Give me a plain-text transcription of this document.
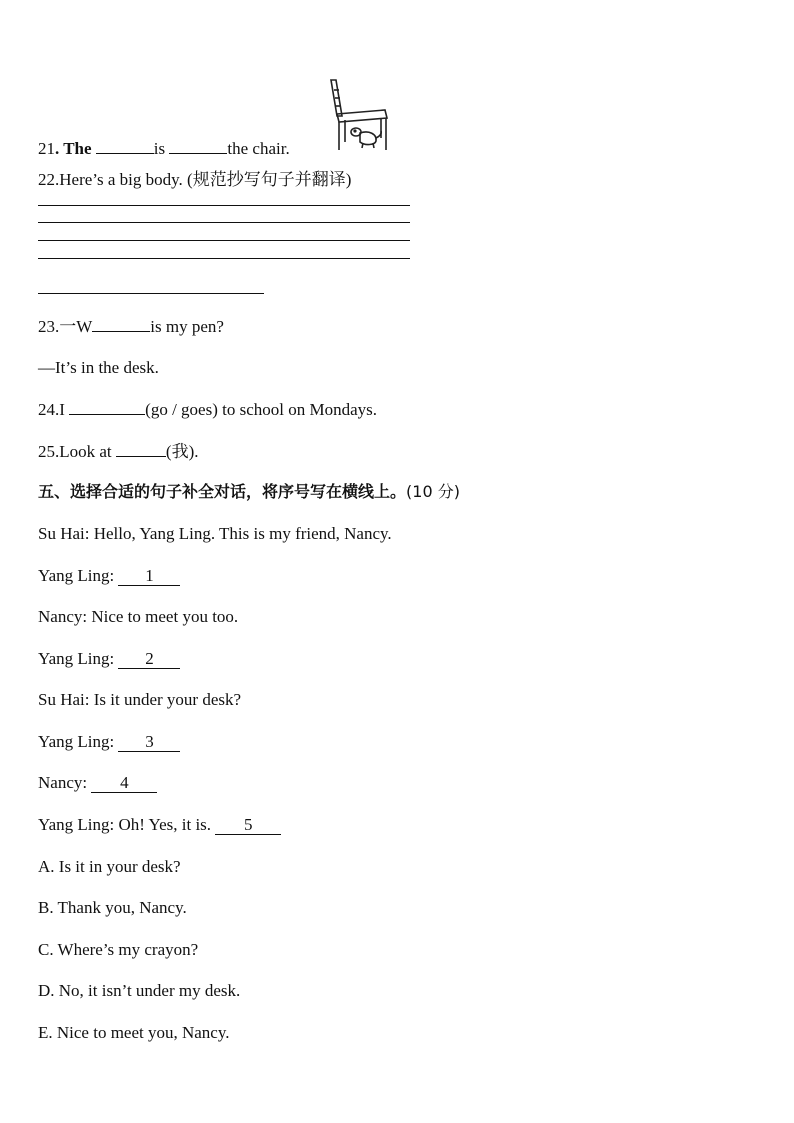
21. The	is	the chair.
22.Here’s a big body. (规范抄写句子并翻译)
23.一W	is my pen?
—It’s in the desk.
24.I	(go / goes) to school on Mondays.
25.Look at	(我).
五、选择合适的句子补全对话，将序号写在横线上。(10 分)
Su Hai: Hello, Yang Ling. This is my friend, Nancy.
Yang Ling: 1
Nancy: Nice to meet you too.
Yang Ling: 2
Su Hai: Is it under your desk?
Yang Ling: 3
Nancy: 4
Yang Ling: Oh! Yes, it is. 5
A. Is it in your desk?
B. Thank you, Nancy.
C. Where’s my crayon?
D. No, it isn’t under my desk.
E. Nice to meet you, Nancy.
